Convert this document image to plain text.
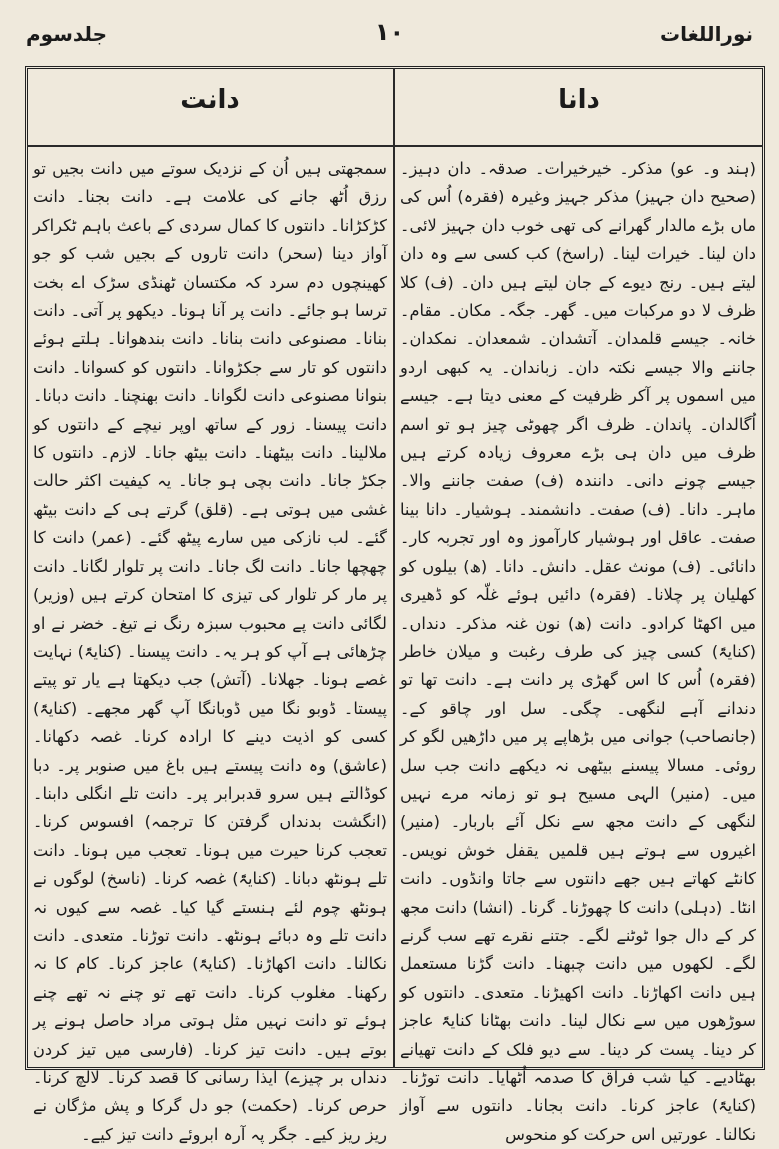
نوراللغات
۱۰
جلدسوم
دانا
دانت

(ہند و۔ عو) مذکر۔ خیرخیرات۔ صدقہ۔ دان دہیز۔ (صحیح دان جہیز) مذکر جہیز وغیرہ (فقرہ) اُس کی ماں بڑے مالدار گھرانے کی تھی خوب دان جہیز لائی۔ دان لینا۔ خیرات لینا۔ (راسخ) کب کسی سے وہ دان لیتے ہیں۔ رنج دیوے کے جان لیتے ہیں دان۔ (ف) کلا ظرف لا دو مرکبات میں۔ گھر۔ جگہ۔ مکان۔ مقام۔ خانہ۔ جیسے قلمدان۔ آتشدان۔ شمعدان۔ نمکدان۔ جاننے والا جیسے نکتہ دان۔ زباندان۔ یہ کبھی اردو میں اسموں پر آکر ظرفیت کے معنی دیتا ہے۔ جیسے اُگالدان۔ پاندان۔ ظرف اگر چھوٹی چیز ہو تو اسم ظرف میں دان ہی بڑے معروف زیادہ کرتے ہیں جیسے چونے دانی۔ دانندہ (ف) صفت جاننے والا۔ ماہر۔ دانا۔ (ف) صفت۔ دانشمند۔ ہوشیار۔ دانا بینا صفت۔ عاقل اور ہوشیار کارآموز وہ اور تجربہ کار۔ دانائی۔ (ف) مونث عقل۔ دانش۔ دانا۔ (ھ) بیلوں کو کھلیان پر چلانا۔ (فقرہ) دائیں ہوئے غلّہ کو ڈھیری میں اکھٹا کرادو۔ دانت (ھ) نون غنہ مذکر۔ دنداں۔ (کنایۃً) کسی چیز کی طرف رغبت و میلان خاطر (فقرہ) اُس کا اس گھڑی پر دانت ہے۔ دانت تھا تو دندانے آہے لنگھی۔ چگی۔ سل اور چاقو کے۔ (جانصاحب) جوانی میں بڑھاپے پر میں داڑھیں لگو کر روئی۔ مسالا پیسنے بیٹھی نہ دیکھے دانت جب سل میں۔ (منیر) الہی مسیح ہو تو زمانہ مرے نہیں لنگھی کے دانت مجھ سے نکل آئے باربار۔ (منیر) اغیروں سے ہوتے ہیں قلمیں یقفل خوش نویس۔ کانٹے کھاتے ہیں جھے دانتوں سے جاتا وانڈوں۔ دانت انٹا۔ (دہلی) دانت کا چھوڑنا۔ گرنا۔ (انشا) دانت مجھ کر کے دال جوا ٹوٹنے لگے۔ جتنے نقرے تھے سب گرنے لگے۔ لکھوں میں دانت چبھنا۔ دانت گڑنا مستعمل ہیں دانت اکھاڑنا۔ دانت اکھیڑنا۔ متعدی۔ دانتوں کو سوڑھوں میں سے نکال لینا۔ دانت بھٹانا کنایۃً عاجز کر دینا۔ پست کر دینا۔ سے دیو فلک کے دانت تھیانے بھٹادیے۔ کیا شب فراق کا صدمہ اُٹھایا۔ دانت توڑنا۔ (کنایۃً) عاجز کرنا۔ دانت بجانا۔ دانتوں سے آواز نکالنا۔ عورتیں اس حرکت کو منحوس

سمجھتی ہیں اُن کے نزدیک سوتے میں دانت بجیں تو رزق اُٹھ جانے کی علامت ہے۔ دانت بجنا۔ دانت کڑکڑانا۔ دانتوں کا کمال سردی کے باعث باہم ٹکراکر آواز دینا (سحر) دانت تاروں کے بجیں شب کو جو کھینچوں دم سرد کہ مکتسان ٹھنڈی سڑک اے بخت ترسا ہو جائے۔ دانت پر آنا ہونا۔ دیکھو پر آتی۔ دانت بنانا۔ مصنوعی دانت بنانا۔ دانت بندھوانا۔ ہلتے ہوئے دانتوں کو تار سے جکڑوانا۔ دانتوں کو کسوانا۔ دانت بنوانا مصنوعی دانت لگوانا۔ دانت بھنچنا۔ دانت دبانا۔ دانت پیسنا۔ زور کے ساتھ اوپر نیچے کے دانتوں کو ملالینا۔ دانت بیٹھنا۔ دانت بیٹھ جانا۔ لازم۔ دانتوں کا جکڑ جانا۔ دانت بچی ہو جانا۔ یہ کیفیت اکثر حالت غشی میں ہوتی ہے۔ (قلق) گرتے ہی کے دانت بیٹھ گئے۔ لب نازکی میں سارے پیٹھ گئے۔ (عمر) دانت کا چھچھا جانا۔ دانت لگ جانا۔ دانت پر تلوار لگانا۔ دانت پر مار کر تلوار کی تیزی کا امتحان کرتے ہیں (وزیر) لگائی دانت پے محبوب سبزہ رنگ نے تیغ۔ خضر نے او چڑھائی ہے آپ کو ہر یہ۔ دانت پیسنا۔ (کنایۃً) نہایت غصے ہونا۔ جھلانا۔ (آتش) جب دیکھتا ہے یار تو پیتے پیستا۔ ڈوبو نگا میں ڈوبانگا آپ گھر مجھے۔ (کنایۃً) کسی کو اذیت دینے کا ارادہ کرنا۔ غصہ دکھانا۔ (عاشق) وہ دانت پیستے ہیں باغ میں صنوبر پر۔ دبا کوڈالتے ہیں سرو قدبرابر پر۔ دانت تلے انگلی دابنا۔ (انگشت بدنداں گرفتن کا ترجمہ) افسوس کرنا۔ تعجب کرنا حیرت میں ہونا۔ تعجب میں ہونا۔ دانت تلے ہونٹھ دبانا۔ (کنایۃً) غصہ کرنا۔ (ناسخ) لوگوں نے ہونٹھ چوم لئے ہنستے گیا کیا۔ غصہ سے کیوں نہ دانت تلے وہ دبائے ہونٹھ۔ دانت توڑنا۔ متعدی۔ دانت نکالنا۔ دانت اکھاڑنا۔ (کنایۃً) عاجز کرنا۔ کام کا نہ رکھنا۔ مغلوب کرنا۔ دانت تھے تو چنے نہ تھے چنے ہوئے تو دانت نہیں مثل ہوتی مراد حاصل ہونے پر بوتے ہیں۔ دانت تیز کرنا۔ (فارسی میں تیز کردن دنداں بر چیزے) ایذا رسانی کا قصد کرنا۔ لالچ کرنا۔ حرص کرنا۔ (حکمت) جو دل گرکا و پش مژگان نے ریز ریز کیے۔ جگر پہ آرہ ابروئے دانت تیز کیے۔
